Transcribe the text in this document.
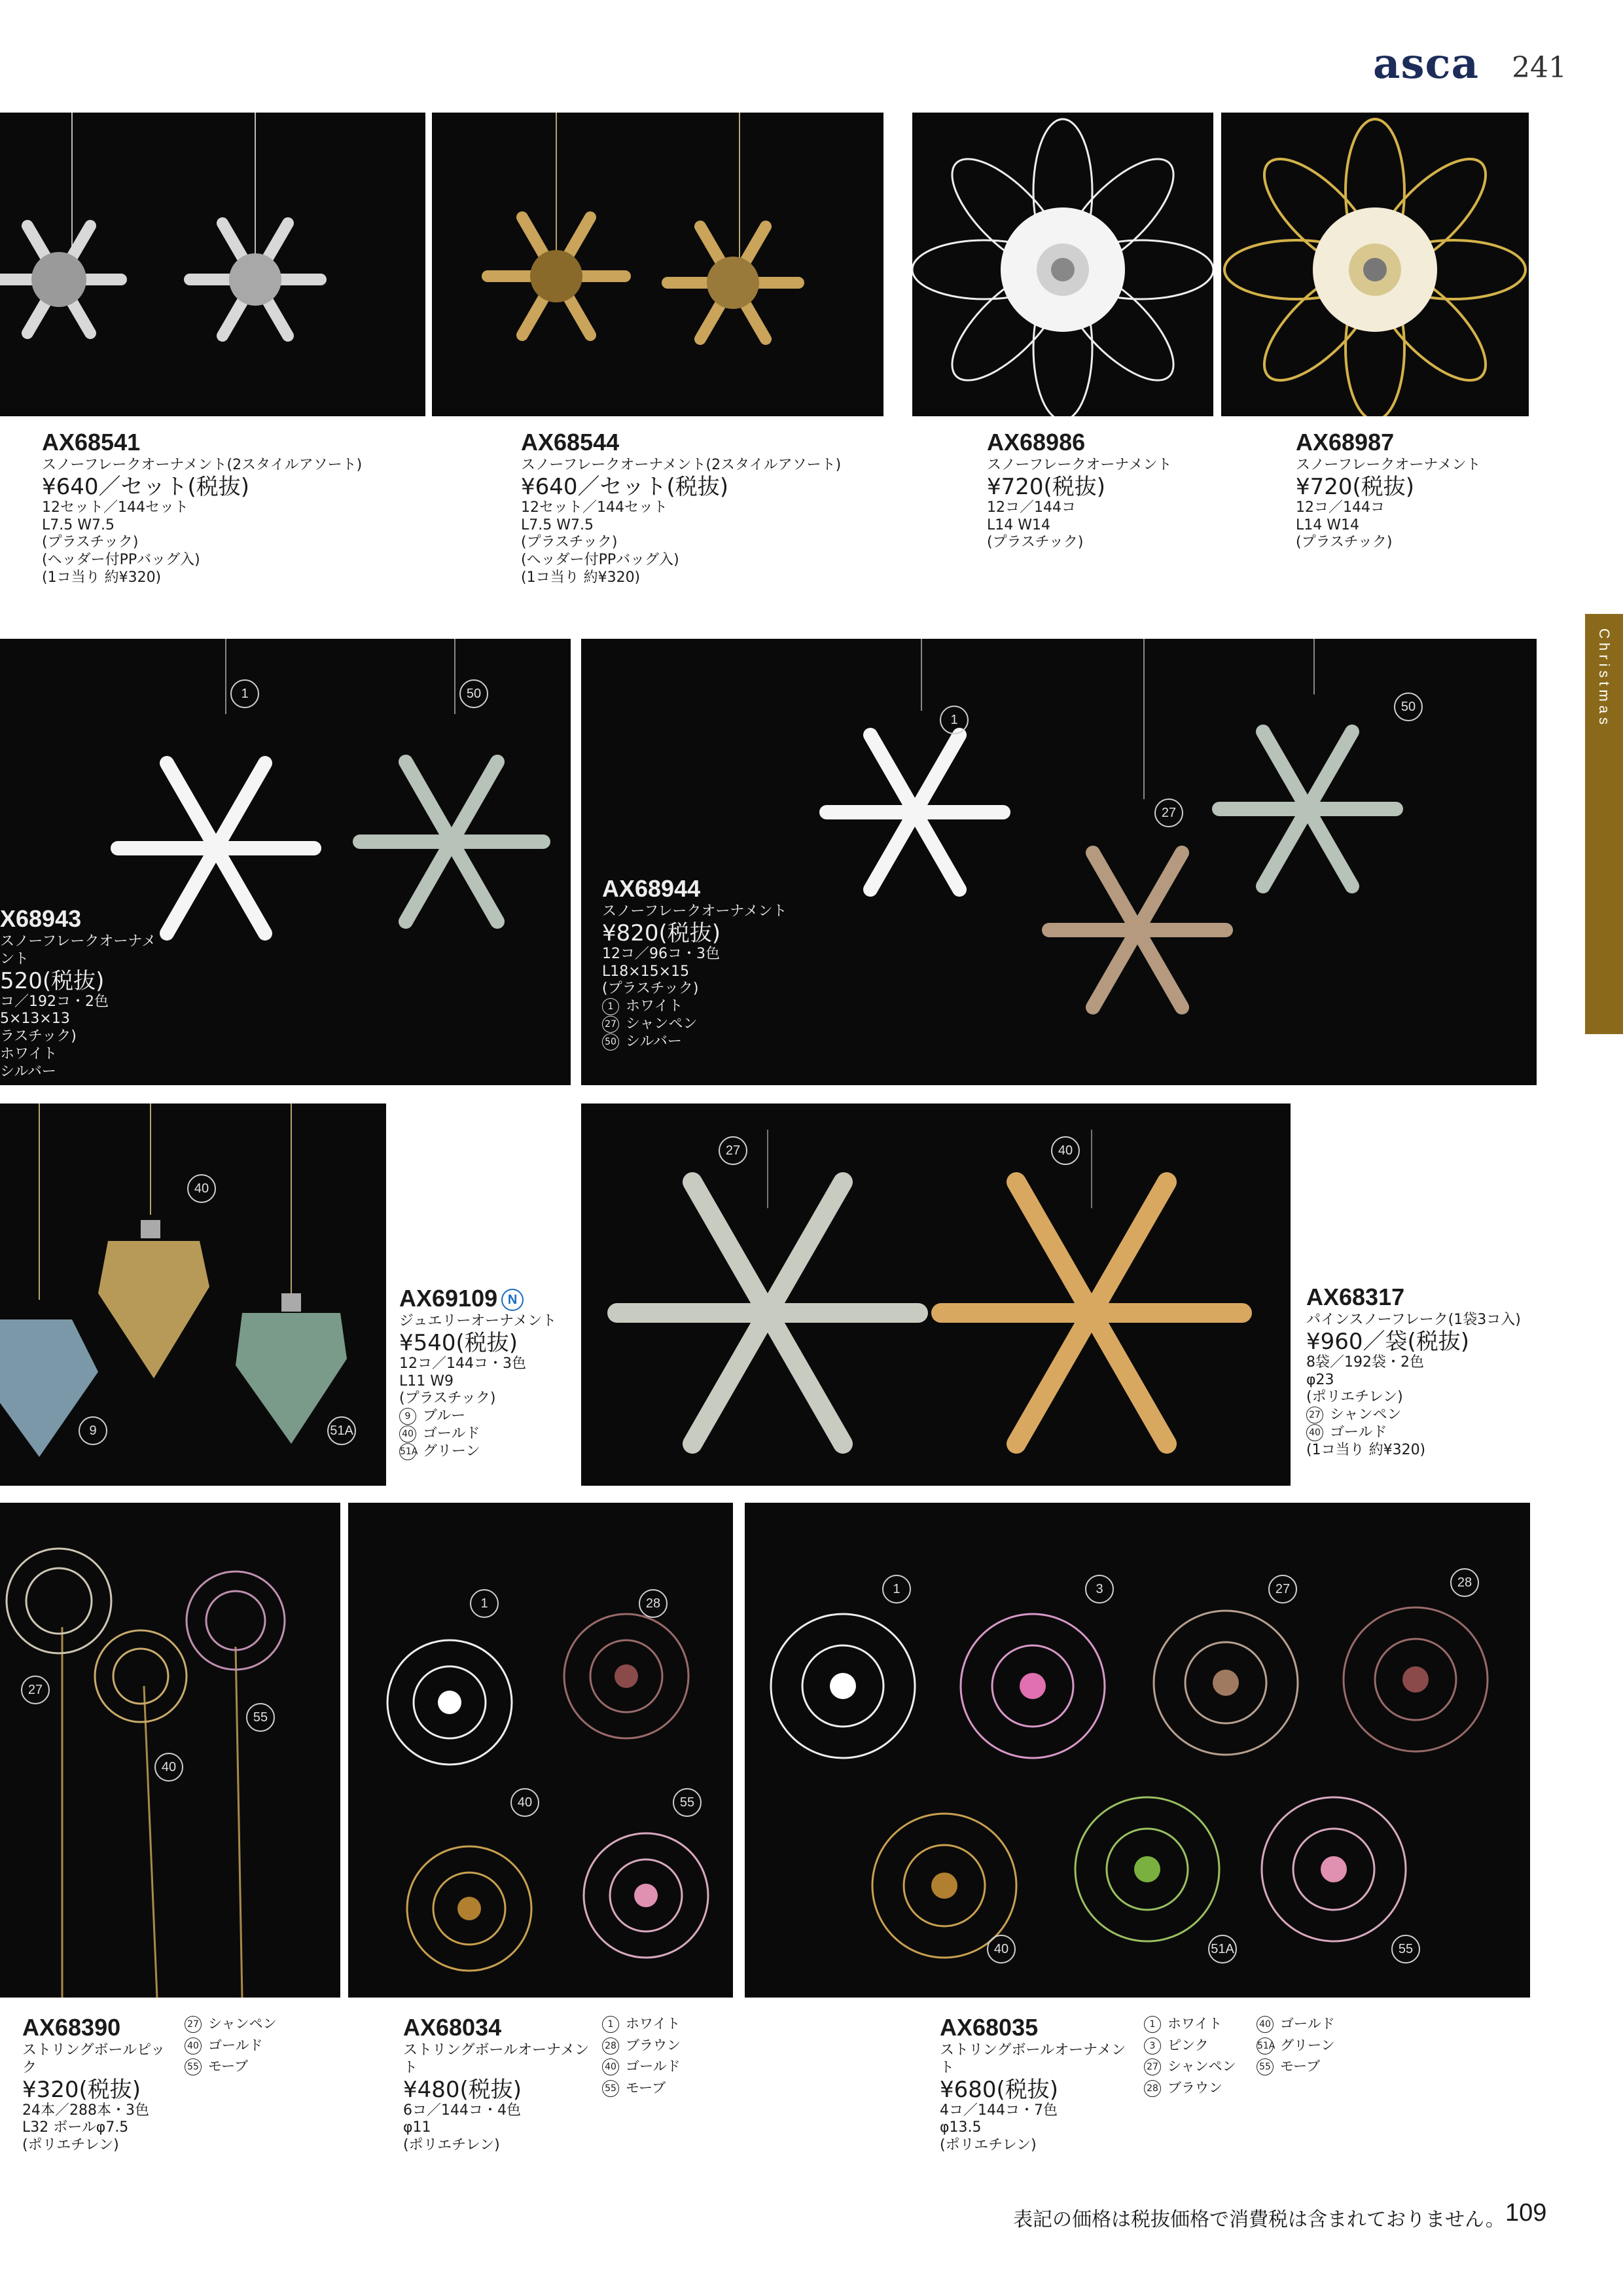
asca 241
Christmas
AX68541
スノーフレークオーナメント(2スタイルアソート)
¥640／セット(税抜)
12セット／144セット
L7.5 W7.5
(プラスチック)
(ヘッダー付PPバッグ入)
(1コ当り 約¥320)
AX68544
スノーフレークオーナメント(2スタイルアソート)
¥640／セット(税抜)
12セット／144セット
L7.5 W7.5
(プラスチック)
(ヘッダー付PPバッグ入)
(1コ当り 約¥320)
AX68986
スノーフレークオーナメント
¥720(税抜)
12コ／144コ
L14 W14
(プラスチック)
AX68987
スノーフレークオーナメント
¥720(税抜)
12コ／144コ
L14 W14
(プラスチック)
1	50
X68943
スノーフレークオーナメント
520(税抜)
コ／192コ・2色
5×13×13
ラスチック)
ホワイト
シルバー
1
27
50
AX68944
スノーフレークオーナメント
¥820(税抜)
12コ／96コ・3色
L18×15×15
(プラスチック)
1 ホワイト
27 シャンペン
50 シルバー
40
9	51A
AX69109 N
ジュエリーオーナメント
¥540(税抜)
12コ／144コ・3色
L11 W9
(プラスチック)
9 ブルー
40 ゴールド
51A グリーン
27	40
AX68317
パインスノーフレーク(1袋3コ入)
¥960／袋(税抜)
8袋／192袋・2色
φ23
(ポリエチレン)
27 シャンペン
40 ゴールド
(1コ当り 約¥320)
27
40
55
1	28
40	55
1	3	27	28
40	51A	55
AX68390
ストリングボールピック
¥320(税抜)
24本／288本・3色
L32 ボールφ7.5
(ポリエチレン)
27 シャンペン
40 ゴールド
55 モーブ
AX68034
ストリングボールオーナメント
¥480(税抜)
6コ／144コ・4色
φ11
(ポリエチレン)
1 ホワイト
28 ブラウン
40 ゴールド
55 モーブ
AX68035
ストリングボールオーナメント
¥680(税抜)
4コ／144コ・7色
φ13.5
(ポリエチレン)
1 ホワイト
3 ピンク
27 シャンペン
28 ブラウン
40 ゴールド
51A グリーン
55 モーブ
表記の価格は税抜価格で消費税は含まれておりません。 109
